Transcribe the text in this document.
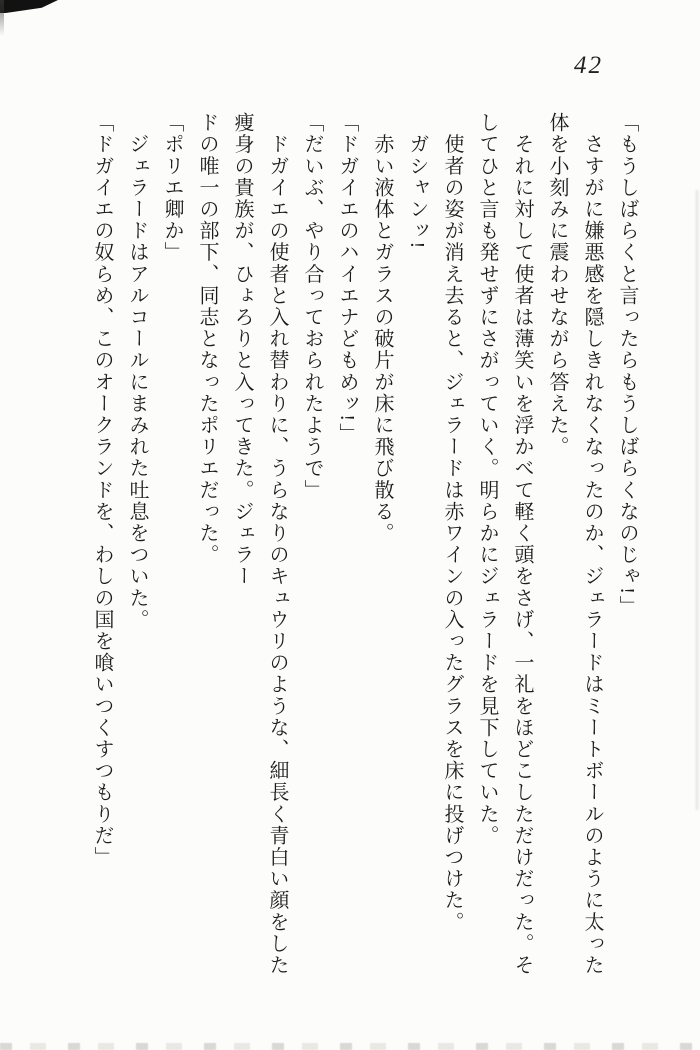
42

「もうしばらくと言ったらもうしばらくなのじゃ!」

　さすがに嫌悪感を隠しきれなくなったのか、ジェラードはミートボールのように太った

体を小刻みに震わせながら答えた。

　それに対して使者は薄笑いを浮かべて軽く頭をさげ、一礼をほどこしただけだった。そ

してひと言も発せずにさがっていく。明らかにジェラードを見下していた。

　使者の姿が消え去ると、ジェラードは赤ワインの入ったグラスを床に投げつけた。

　ガシャンッ!

　赤い液体とガラスの破片が床に飛び散る。

「ドガイエのハイエナどもめッ!」

「だいぶ、やり合っておられたようで」

　ドガイエの使者と入れ替わりに、うらなりのキュウリのような、細長く青白い顔をした

痩身の貴族が、ひょろりと入ってきた。ジェラー

ドの唯一の部下、同志となったポリエだった。

「ポリエ卿か」

　ジェラードはアルコールにまみれた吐息をついた。

「ドガイエの奴らめ、このオークランドを、わしの国を喰いつくすつもりだ」
